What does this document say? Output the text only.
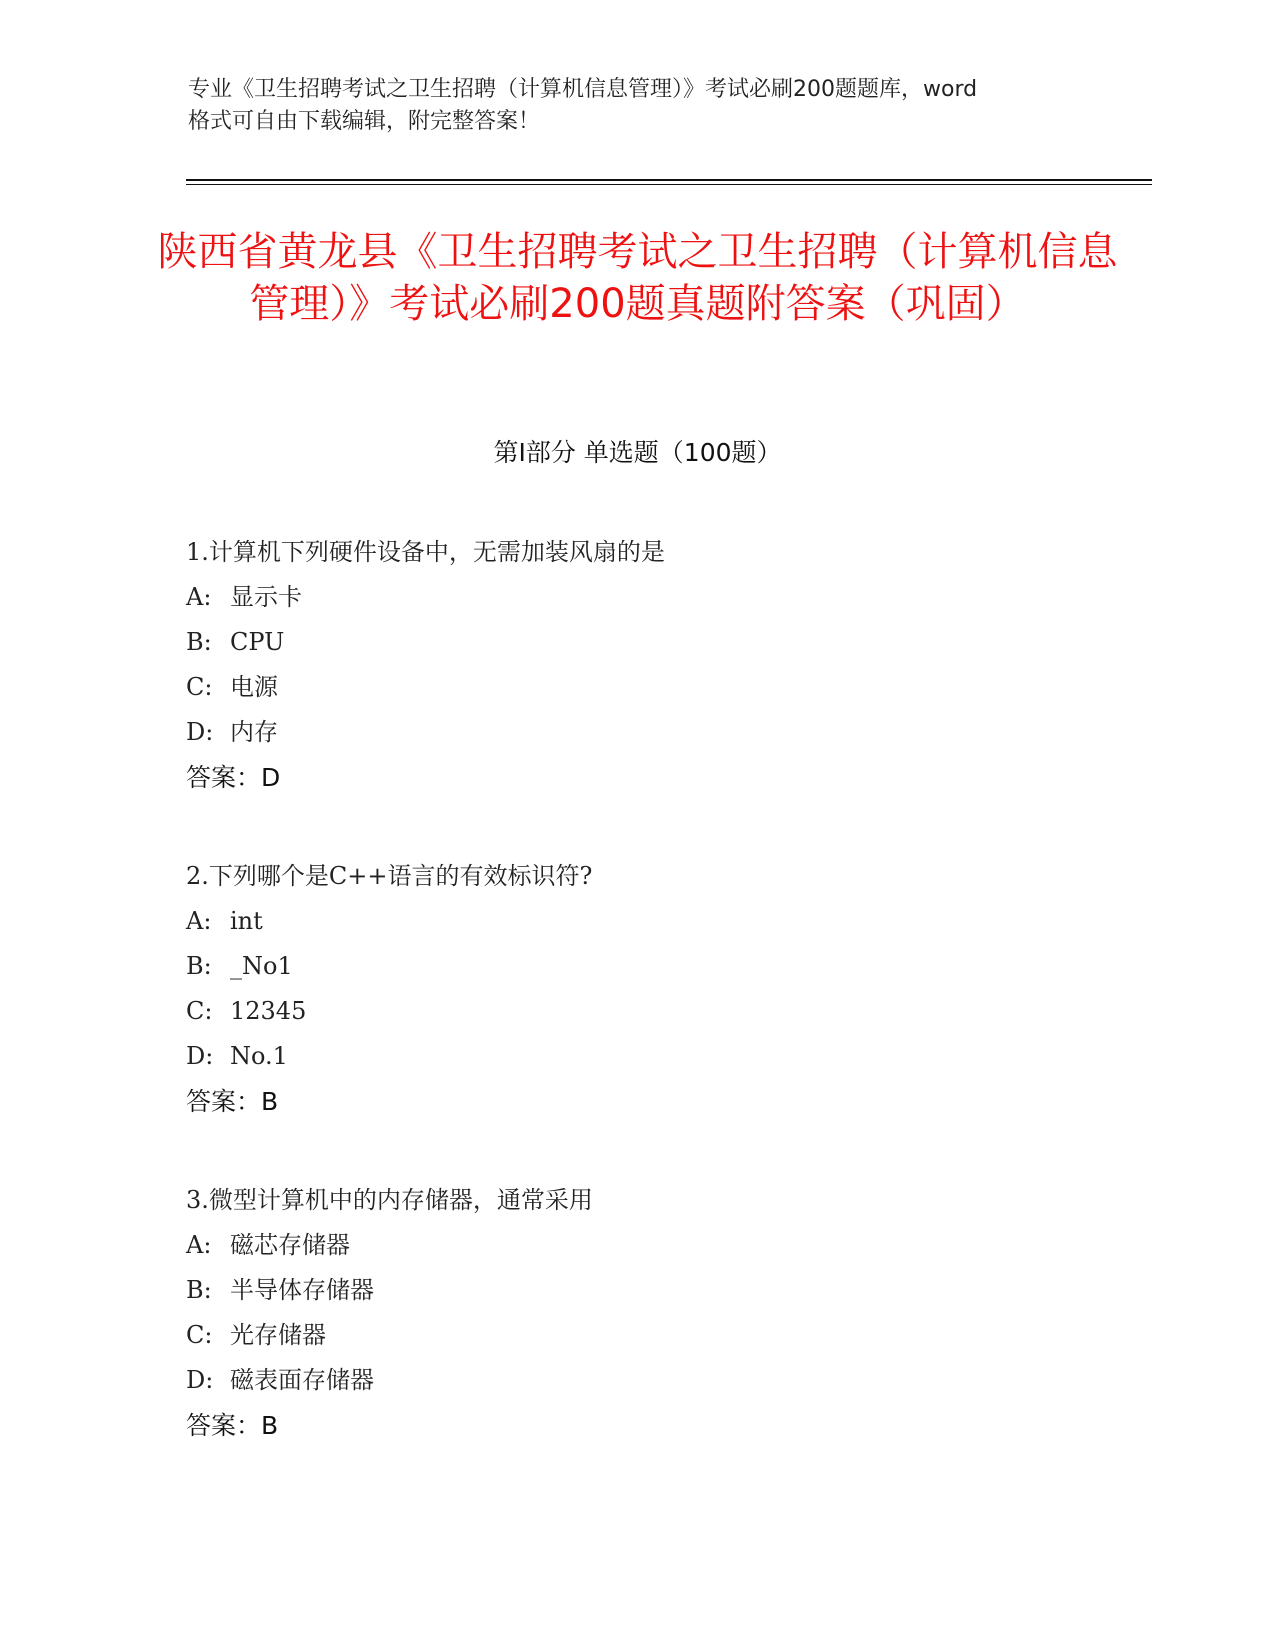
专业《卫生招聘考试之卫生招聘（计算机信息管理）》考试必刷200题题库，word
格式可自由下载编辑，附完整答案！
陕西省黄龙县《卫生招聘考试之卫生招聘（计算机信息管理）》考试必刷200题真题附答案（巩固）
第I部分 单选题（100题）
1.计算机下列硬件设备中，无需加装风扇的是
A: 显示卡
B: CPU
C: 电源
D: 内存
答案：D
2.下列哪个是C++语言的有效标识符?
A: int
B: _No1
C: 12345
D: No.1
答案：B
3.微型计算机中的内存储器，通常采用
A: 磁芯存储器
B: 半导体存储器
C: 光存储器
D: 磁表面存储器
答案：B
